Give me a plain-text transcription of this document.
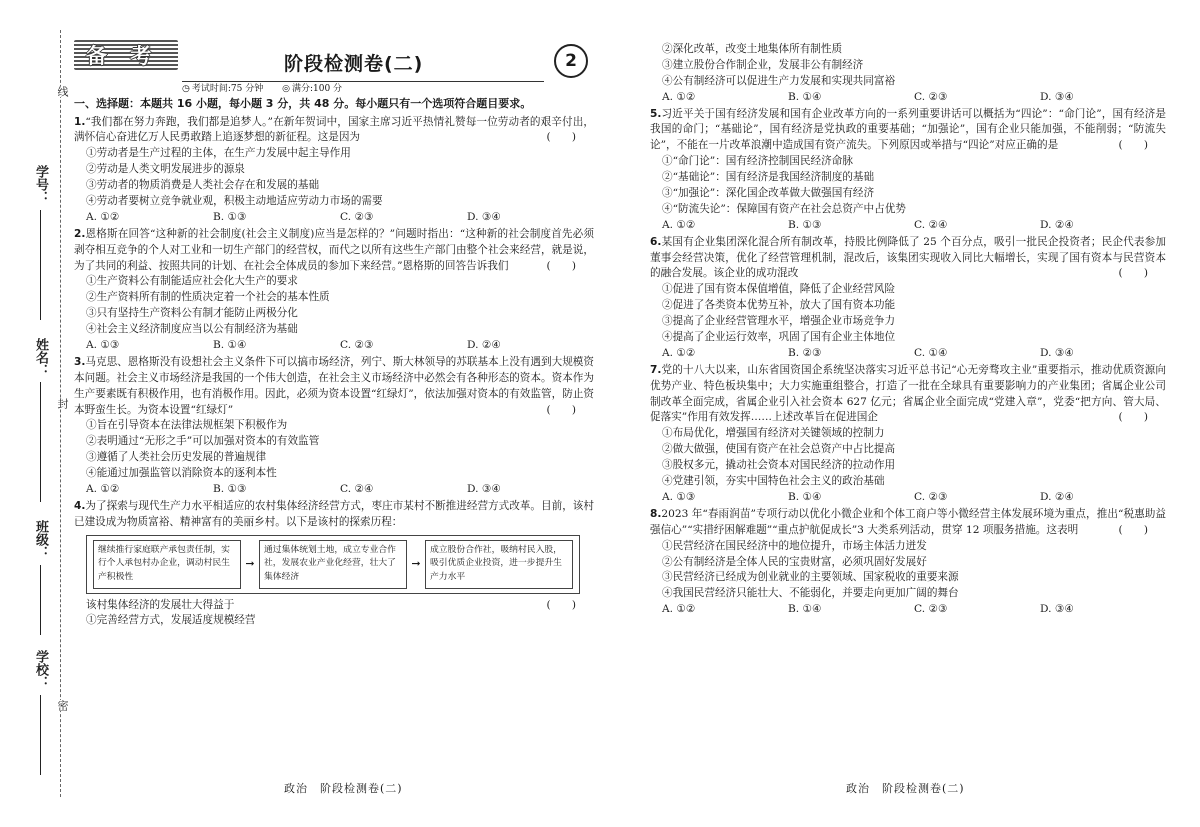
学号：
姓名：
班级：
学校：
线
封
密
备 考	阶段检测卷(二)	2
◷ 考试时间:75 分钟 ◎ 满分:100 分
一、选择题：本题共 16 小题，每小题 3 分，共 48 分。每小题只有一个选项符合题目要求。
1.“我们都在努力奔跑，我们都是追梦人。”在新年贺词中，国家主席习近平热情礼赞每一位劳动者的艰辛付出，满怀信心奋进亿万人民勇敢踏上追逐梦想的新征程。这是因为	(　　)
①劳动者是生产过程的主体，在生产力发展中起主导作用
②劳动是人类文明发展进步的源泉
③劳动者的物质消费是人类社会存在和发展的基础
④劳动者要树立竞争就业观，积极主动地适应劳动力市场的需要
A. ①②	B. ①③	C. ②③	D. ③④
2.恩格斯在回答“这种新的社会制度(社会主义制度)应当是怎样的？”问题时指出：“这种新的社会制度首先必须剥夺相互竞争的个人对工业和一切生产部门的经营权，而代之以所有这些生产部门由整个社会来经营，就是说，为了共同的利益、按照共同的计划、在社会全体成员的参加下来经营。”恩格斯的回答告诉我们	(　　)
①生产资料公有制能适应社会化大生产的要求
②生产资料所有制的性质决定着一个社会的基本性质
③只有坚持生产资料公有制才能防止两极分化
④社会主义经济制度应当以公有制经济为基础
A. ①③	B. ①④	C. ②③	D. ②④
3.马克思、恩格斯没有设想社会主义条件下可以搞市场经济，列宁、斯大林领导的苏联基本上没有遇到大规模资本问题。社会主义市场经济是我国的一个伟大创造，在社会主义市场经济中必然会有各种形态的资本。资本作为生产要素既有积极作用，也有消极作用。因此，必须为资本设置“红绿灯”，依法加强对资本的有效监管，防止资本野蛮生长。为资本设置“红绿灯”	(　　)
①旨在引导资本在法律法规框架下积极作为
②表明通过“无形之手”可以加强对资本的有效监管
③遵循了人类社会历史发展的普遍规律
④能通过加强监管以消除资本的逐利本性
A. ①②	B. ①③	C. ②④	D. ③④
4.为了探索与现代生产力水平相适应的农村集体经济经营方式，枣庄市某村不断推进经营方式改革。目前，该村已建设成为物质富裕、精神富有的美丽乡村。以下是该村的探索历程：
继续推行家庭联产承包责任制，实行个人承包村办企业，调动村民生产积极性
➞
通过集体统划土地，成立专业合作社，发展农业产业化经营，壮大了集体经济
➞
成立股份合作社，吸纳村民入股，吸引优质企业投资，进一步提升生产力水平
该村集体经济的发展壮大得益于	(　　)
①完善经营方式，发展适度规模经营
政治　阶段检测卷(二)
②深化改革，改变土地集体所有制性质
③建立股份合作制企业，发展非公有制经济
④公有制经济可以促进生产力发展和实现共同富裕
A. ①②	B. ①④	C. ②③	D. ③④
5.习近平关于国有经济发展和国有企业改革方向的一系列重要讲话可以概括为“四论”：“命门论”，国有经济是我国的命门；“基础论”，国有经济是党执政的重要基础；“加强论”，国有企业只能加强，不能削弱；“防流失论”，不能在一片改革浪潮中造成国有资产流失。下列原因或举措与“四论”对应正确的是	(　　)
①“命门论”：国有经济控制国民经济命脉
②“基础论”：国有经济是我国经济制度的基础
③“加强论”：深化国企改革做大做强国有经济
④“防流失论”：保障国有资产在社会总资产中占优势
A. ①②	B. ①③	C. ②④	D. ②④
6.某国有企业集团深化混合所有制改革，持股比例降低了 25 个百分点，吸引一批民企投资者；民企代表参加董事会经营决策，优化了经营管理机制，混改后，该集团实现收入同比大幅增长，实现了国有资本与民营资本的融合发展。该企业的成功混改	(　　)
①促进了国有资本保值增值，降低了企业经营风险
②促进了各类资本优势互补，放大了国有资本功能
③提高了企业经营管理水平，增强企业市场竞争力
④提高了企业运行效率，巩固了国有企业主体地位
A. ①②	B. ②③	C. ①④	D. ③④
7.党的十八大以来，山东省国资国企系统坚决落实习近平总书记“心无旁骛攻主业”重要指示，推动优质资源向优势产业、特色板块集中；大力实施重组整合，打造了一批在全球具有重要影响力的产业集团；省属企业公司制改革全面完成，省属企业引入社会资本 627 亿元；省属企业全面完成“党建入章”，党委“把方向、管大局、促落实”作用有效发挥……上述改革旨在促进国企	(　　)
①布局优化，增强国有经济对关键领域的控制力
②做大做强，使国有资产在社会总资产中占比提高
③股权多元，撬动社会资本对国民经济的拉动作用
④党建引领，夯实中国特色社会主义的政治基础
A. ①③	B. ①④	C. ②③	D. ②④
8.2023 年“春雨润苗”专项行动以优化小微企业和个体工商户等小微经营主体发展环境为重点，推出“税惠助益强信心”“实措纾困解难题”“重点护航促成长”3 大类系列活动，贯穿 12 项服务措施。这表明	(　　)
①民营经济在国民经济中的地位提升，市场主体活力迸发
②公有制经济是全体人民的宝贵财富，必须巩固好发展好
③民营经济已经成为创业就业的主要领域、国家税收的重要来源
④我国民营经济只能壮大、不能弱化，并要走向更加广阔的舞台
A. ①②	B. ①④	C. ②③	D. ③④
政治　阶段检测卷(二)
